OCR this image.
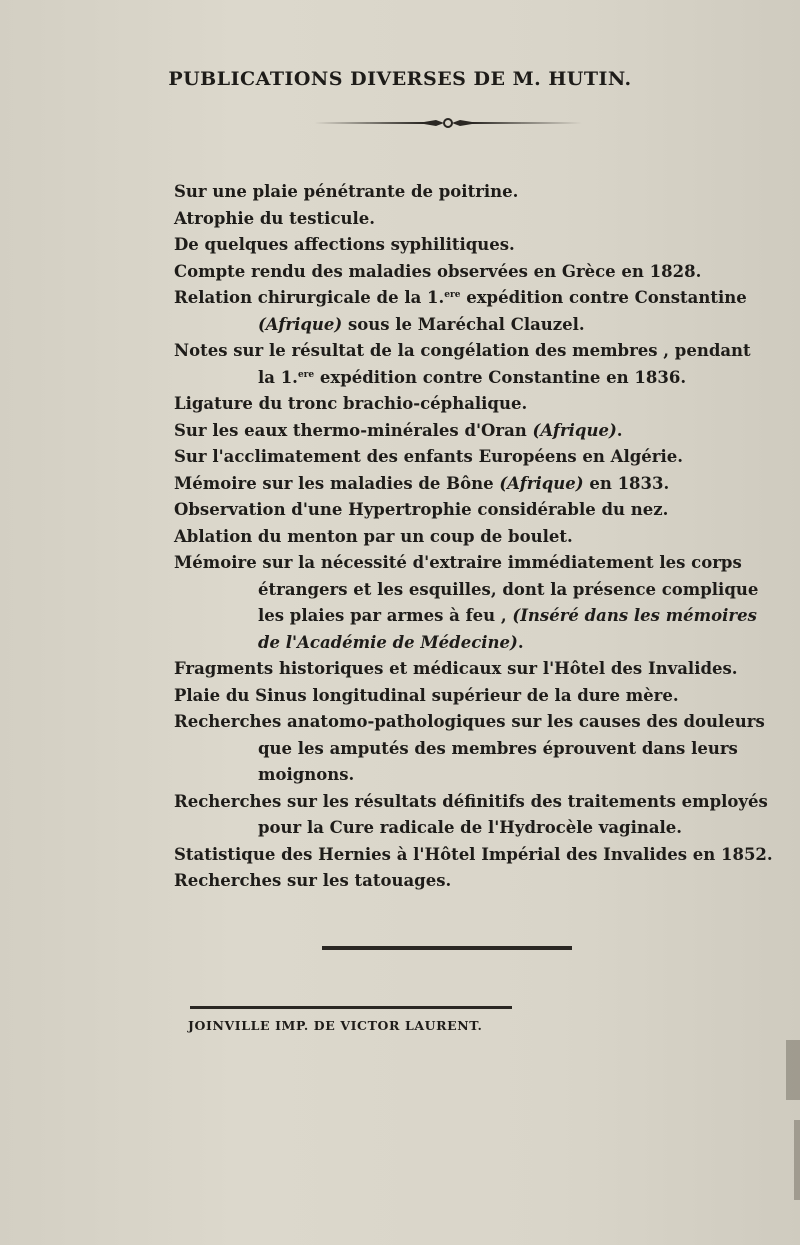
PUBLICATIONS DIVERSES DE M. HUTIN.
Sur une plaie pénétrante de poitrine.
Atrophie du testicule.
De quelques affections syphilitiques.
Compte rendu des maladies observées en Grèce en 1828.
Relation chirurgicale de la 1.$^{ere}$ expédition contre Constantine
(Afrique) sous le Maréchal Clauzel.
Notes sur le résultat de la congélation des membres , pendant
la 1.$^{ere}$ expédition contre Constantine en 1836.
Ligature du tronc brachio-céphalique.
Sur les eaux thermo-minérales d'Oran (Afrique).
Sur l'acclimatement des enfants Européens en Algérie.
Mémoire sur les maladies de Bône (Afrique) en 1833.
Observation d'une Hypertrophie considérable du nez.
Ablation du menton par un coup de boulet.
Mémoire sur la nécessité d'extraire immédiatement les corps
étrangers et les esquilles, dont la présence complique
les plaies par armes à feu , (Inséré dans les mémoires
de l'Académie de Médecine).
Fragments historiques et médicaux sur l'Hôtel des Invalides.
Plaie du Sinus longitudinal supérieur de la dure mère.
Recherches anatomo-pathologiques sur les causes des douleurs
que les amputés des membres éprouvent dans leurs
moignons.
Recherches sur les résultats définitifs des traitements employés
pour la Cure radicale de l'Hydrocèle vaginale.
Statistique des Hernies à l'Hôtel Impérial des Invalides en 1852.
Recherches sur les tatouages.
JOINVILLE IMP. DE VICTOR LAURENT.
